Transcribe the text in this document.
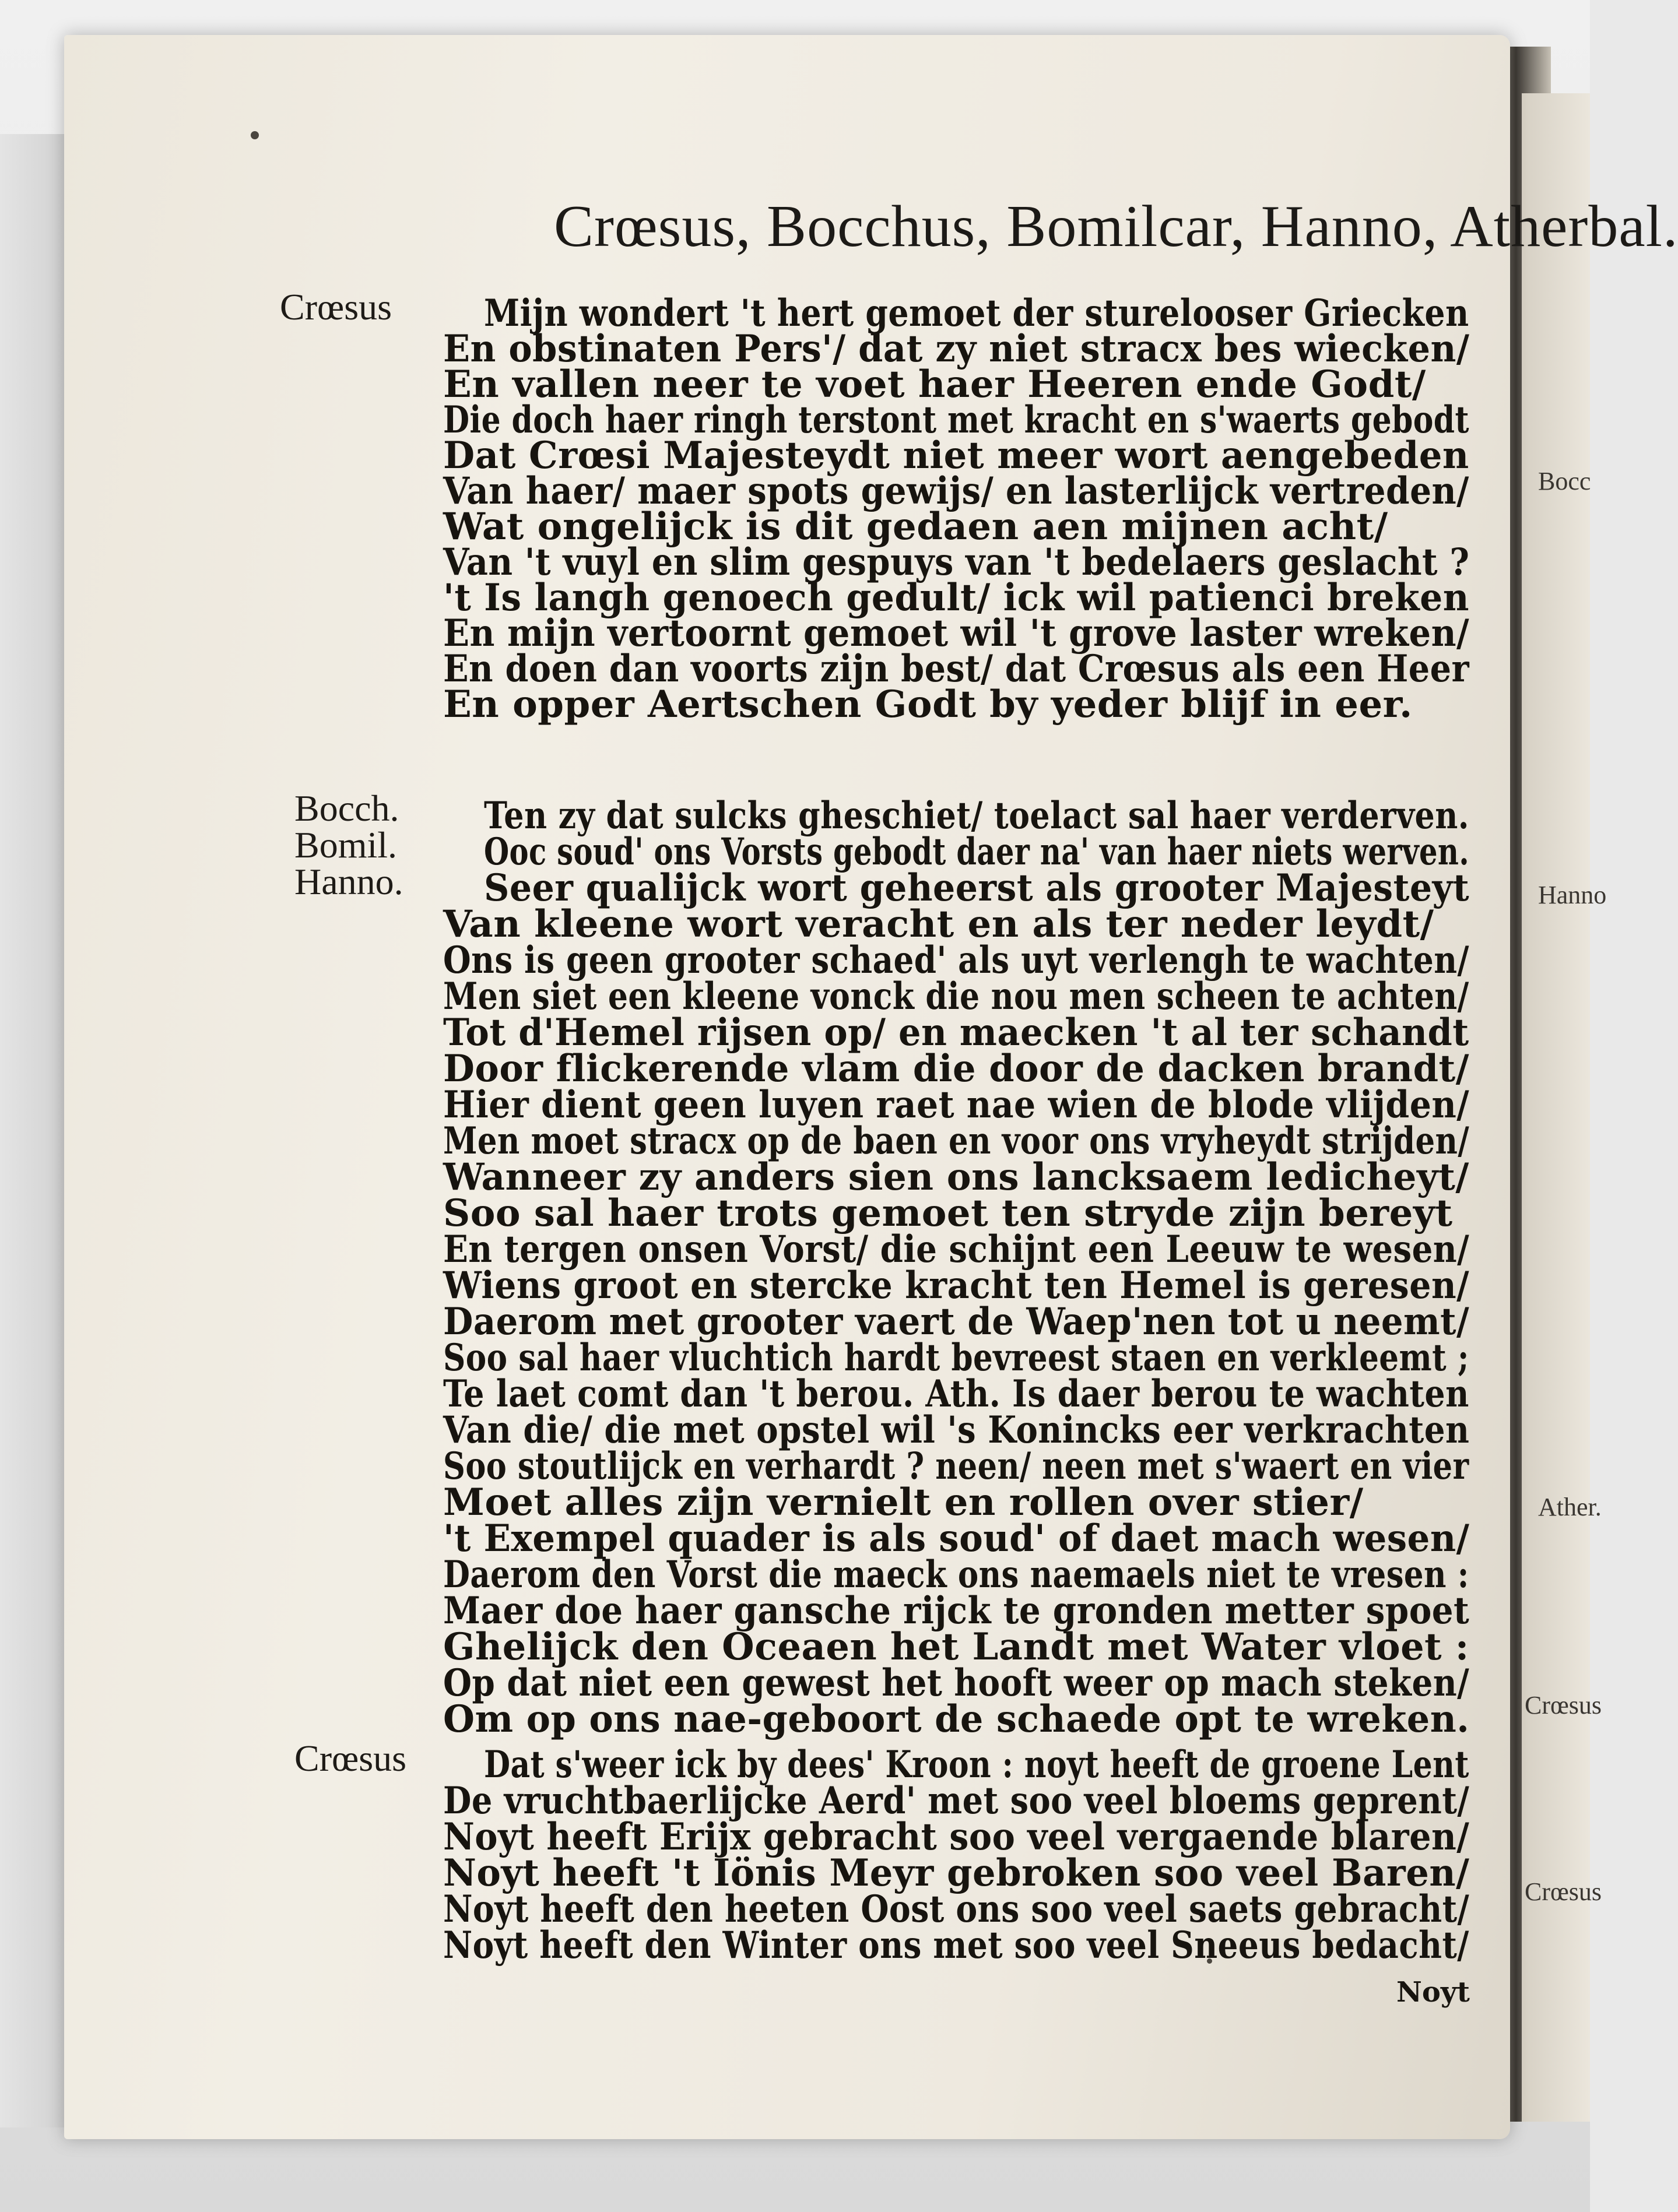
Bocc
Hanno
Ather.
Crœsus
Crœsus
Crœsus, Bocchus, Bomilcar, Hanno, Atherbal.
Crœsus Mijn wondert 't hert gemoet der sturelooser Griecken
En obstinaten Pers'/ dat zy niet stracx bes wiecken/
En vallen neer te voet haer Heeren ende Godt/
Die doch haer ringh terstont met kracht en s'waerts gebodt
Dat Crœsi Majesteydt niet meer wort aengebeden
Van haer/ maer spots gewijs/ en lasterlijck vertreden/
Wat ongelijck is dit gedaen aen mijnen acht/
Van 't vuyl en slim gespuys van 't bedelaers geslacht ?
't Is langh genoech gedult/ ick wil patienci breken
En mijn vertoornt gemoet wil 't grove laster wreken/
En doen dan voorts zijn best/ dat Crœsus als een Heer
En opper Aertschen Godt by yeder blijf in eer.
Bocch. Ten zy dat sulcks gheschiet/ toelact sal haer verderven.
Bomil. Ooc soud' ons Vorsts gebodt daer na' van haer niets werven.
Hanno. Seer qualijck wort geheerst als grooter Majesteyt
Van kleene wort veracht en als ter neder leydt/
Ons is geen grooter schaed' als uyt verlengh te wachten/
Men siet een kleene vonck die nou men scheen te achten/
Tot d'Hemel rijsen op/ en maecken 't al ter schandt
Door flickerende vlam die door de dacken brandt/
Hier dient geen luyen raet nae wien de blode vlijden/
Men moet stracx op de baen en voor ons vryheydt strijden/
Wanneer zy anders sien ons lancksaem ledicheyt/
Soo sal haer trots gemoet ten stryde zijn bereyt
En tergen onsen Vorst/ die schijnt een Leeuw te wesen/
Wiens groot en stercke kracht ten Hemel is geresen/
Daerom met grooter vaert de Waep'nen tot u neemt/
Soo sal haer vluchtich hardt bevreest staen en verkleemt ;
Te laet comt dan 't berou. Ath. Is daer berou te wachten
Van die/ die met opstel wil 's Konincks eer verkrachten
Soo stoutlijck en verhardt ? neen/ neen met s'waert en vier
Moet alles zijn vernielt en rollen over stier/
't Exempel quader is als soud' of daet mach wesen/
Daerom den Vorst die maeck ons naemaels niet te vresen :
Maer doe haer gansche rijck te gronden metter spoet
Ghelijck den Oceaen het Landt met Water vloet :
Op dat niet een gewest het hooft weer op mach steken/
Om op ons nae-geboort de schaede opt te wreken.
Crœsus Dat s'weer ick by dees' Kroon : noyt heeft de groene Lent
De vruchtbaerlijcke Aerd' met soo veel bloems geprent/
Noyt heeft Erijx gebracht soo veel vergaende blaren/
Noyt heeft 't Iönis Meyr gebroken soo veel Baren/
Noyt heeft den heeten Oost ons soo veel saets gebracht/
Noyt heeft den Winter ons met soo veel Sneeus bedacht/
Noyt
